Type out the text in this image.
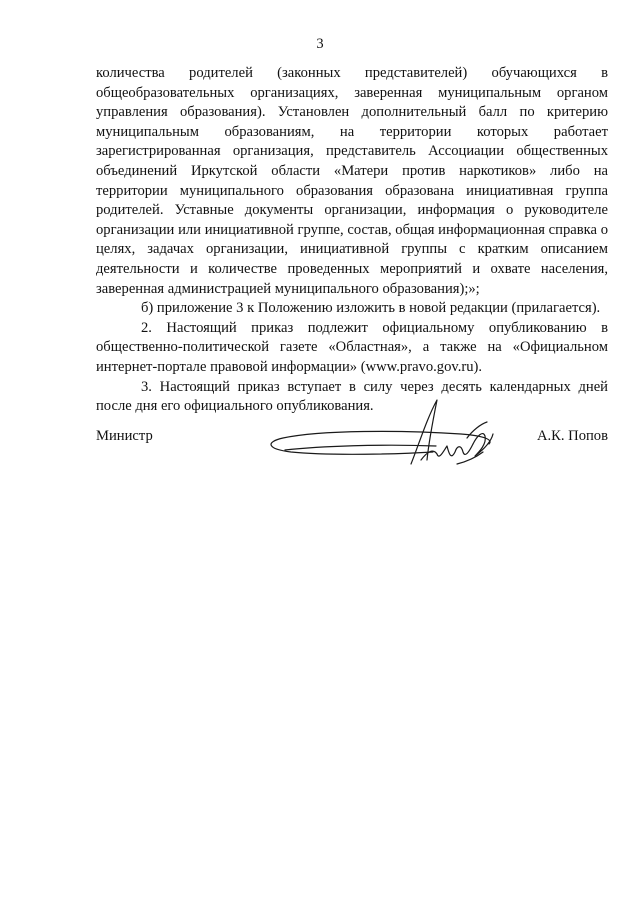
3

количества родителей (законных представителей) обучающихся в общеобразовательных организациях, заверенная муниципальным органом управления образования). Установлен дополнительный балл по критерию муниципальным образованиям, на территории которых работает зарегистрированная организация, представитель Ассоциации общественных объединений Иркутской области «Матери против наркотиков» либо на территории муниципального образования образована инициативная группа родителей. Уставные документы организации, информация о руководителе организации или инициативной группе, состав, общая информационная справка о целях, задачах организации, инициативной группы с кратким описанием деятельности и количестве проведенных мероприятий и охвате населения, заверенная администрацией муниципального образования);»;

б) приложение 3 к Положению изложить в новой редакции (прилагается).

2. Настоящий приказ подлежит официальному опубликованию в общественно-политической газете «Областная», а также на «Официальном интернет-портале правовой информации» (www.pravo.gov.ru).

3. Настоящий приказ вступает в силу через десять календарных дней после дня его официального опубликования.

Министр	А.К. Попов
